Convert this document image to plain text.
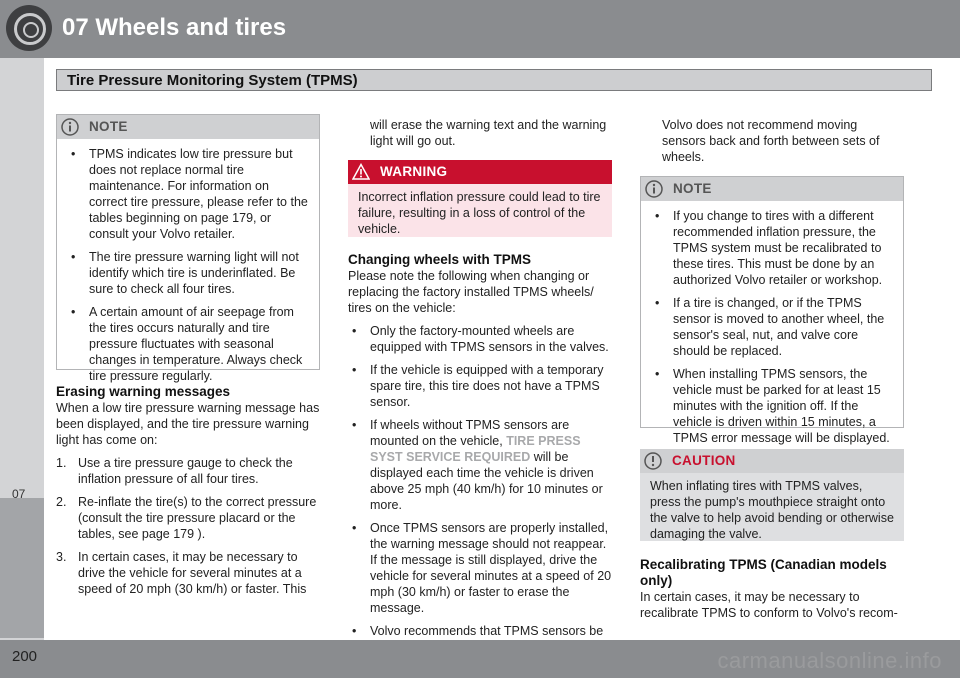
07 Wheels and tires
Tire Pressure Monitoring System (TPMS)
07
NOTE
• TPMS indicates low tire pressure but does not replace normal tire maintenance. For information on correct tire pressure, please refer to the tables beginning on page 179, or consult your Volvo retailer.
• The tire pressure warning light will not identify which tire is underinflated. Be sure to check all four tires.
• A certain amount of air seepage from the tires occurs naturally and tire pressure fluctuates with seasonal changes in temperature. Always check tire pressure regularly.
Erasing warning messages

When a low tire pressure warning message has been displayed, and the tire pressure warning light has come on:

1. Use a tire pressure gauge to check the inflation pressure of all four tires.
2. Re-inflate the tire(s) to the correct pressure (consult the tire pressure placard or the tables, see page 179 ).
3. In certain cases, it may be necessary to drive the vehicle for several minutes at a speed of 20 mph (30 km/h) or faster. This

will erase the warning text and the warning light will go out.

WARNING
Incorrect inflation pressure could lead to tire failure, resulting in a loss of control of the vehicle.
Changing wheels with TPMS

Please note the following when changing or replacing the factory installed TPMS wheels/ tires on the vehicle:

• Only the factory-mounted wheels are equipped with TPMS sensors in the valves.
• If the vehicle is equipped with a temporary spare tire, this tire does not have a TPMS sensor.
• If wheels without TPMS sensors are mounted on the vehicle, TIRE PRESS SYST SERVICE REQUIRED will be displayed each time the vehicle is driven above 25 mph (40 km/h) for 10 minutes or more.
• Once TPMS sensors are properly installed, the warning message should not reappear. If the message is still displayed, drive the vehicle for several minutes at a speed of 20 mph (30 km/h) or faster to erase the message.
• Volvo recommends that TPMS sensors be

Volvo does not recommend moving sensors back and forth between sets of wheels.

NOTE
• If you change to tires with a different recommended inflation pressure, the TPMS system must be recalibrated to these tires. This must be done by an authorized Volvo retailer or workshop.
• If a tire is changed, or if the TPMS sensor is moved to another wheel, the sensor's seal, nut, and valve core should be replaced.
• When installing TPMS sensors, the vehicle must be parked for at least 15 minutes with the ignition off. If the vehicle is driven within 15 minutes, a TPMS error message will be displayed.
CAUTION
When inflating tires with TPMS valves, press the pump's mouthpiece straight onto the valve to help avoid bending or otherwise damaging the valve.
Recalibrating TPMS (Canadian models only)

In certain cases, it may be necessary to recalibrate TPMS to conform to Volvo's recom-

200	carmanualsonline.info
